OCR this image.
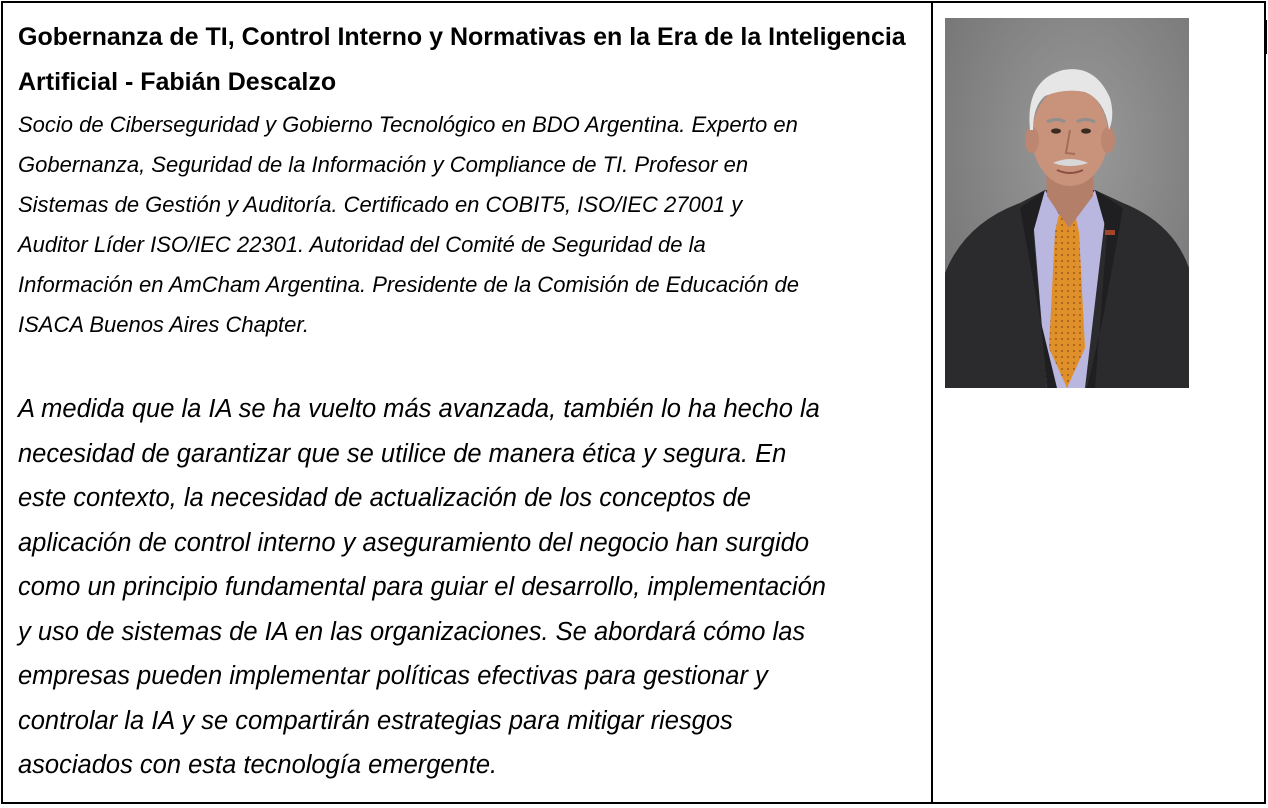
Gobernanza de TI, Control Interno y Normativas en la Era de la Inteligencia Artificial - Fabián Descalzo

Socio de Ciberseguridad y Gobierno Tecnológico en BDO Argentina. Experto en
Gobernanza, Seguridad de la Información y Compliance de TI. Profesor en
Sistemas de Gestión y Auditoría. Certificado en COBIT5, ISO/IEC 27001 y
Auditor Líder ISO/IEC 22301. Autoridad del Comité de Seguridad de la
Información en AmCham Argentina. Presidente de la Comisión de Educación de
ISACA Buenos Aires Chapter.

A medida que la IA se ha vuelto más avanzada, también lo ha hecho la
necesidad de garantizar que se utilice de manera ética y segura. En
este contexto, la necesidad de actualización de los conceptos de
aplicación de control interno y aseguramiento del negocio han surgido
como un principio fundamental para guiar el desarrollo, implementación
y uso de sistemas de IA en las organizaciones. Se abordará cómo las
empresas pueden implementar políticas efectivas para gestionar y
controlar la IA y se compartirán estrategias para mitigar riesgos
asociados con esta tecnología emergente.
